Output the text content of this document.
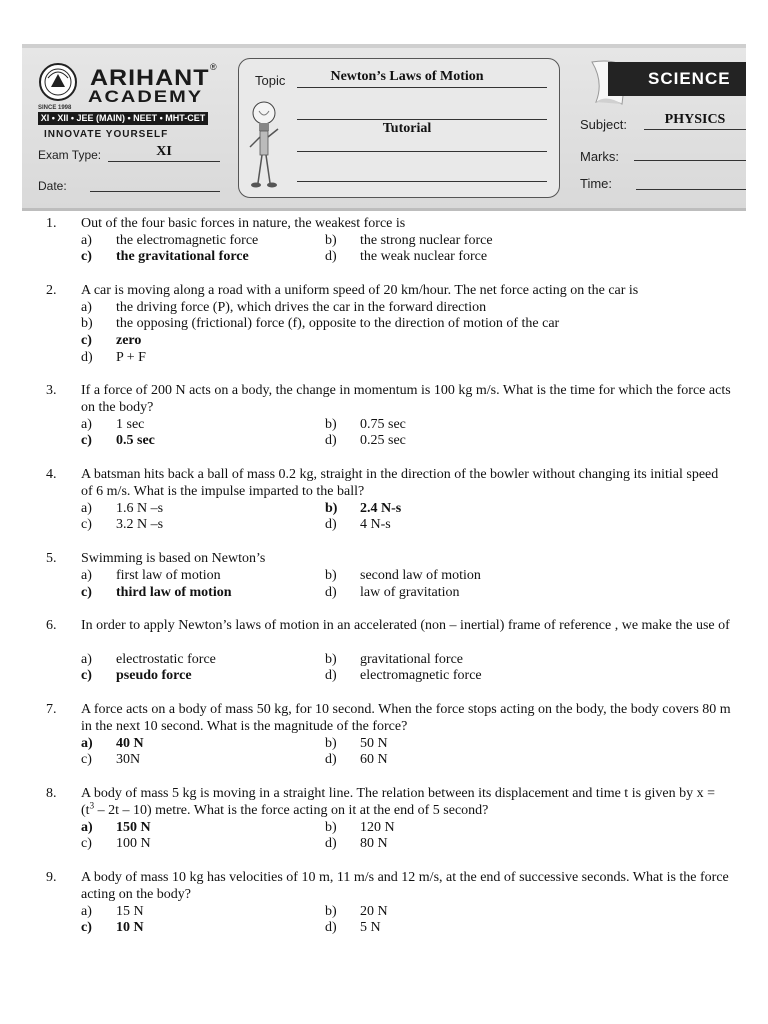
ARIHANT ®
ACADEMY
SINCE 1998
XI • XII • JEE (MAIN) • NEET • MHT-CET
INNOVATE YOURSELF
Exam Type:	XI
Date:
Topic	Newton’s Laws of Motion
Tutorial
SCIENCE
Subject:	PHYSICS
Marks:
Time:
1. Out of the four basic forces in nature, the weakest force is
a) the electromagnetic force	b) the strong nuclear force
c) the gravitational force	d) the weak nuclear force
2. A car is moving along a road with a uniform speed of 20 km/hour. The net force acting on the car is
a) the driving force (P), which drives the car in the forward direction
b) the opposing (frictional) force (f), opposite to the direction of motion of the car
c) zero
d) P + F
3. If a force of 200 N acts on a body, the change in momentum is 100 kg m/s. What is the time for which the force acts on the body?
a) 1 sec	b) 0.75 sec
c) 0.5 sec	d) 0.25 sec
4. A batsman hits back a ball of mass 0.2 kg, straight in the direction of the bowler without changing its initial speed of 6 m/s. What is the impulse imparted to the ball?
a) 1.6 N –s	b) 2.4 N-s
c) 3.2 N –s	d) 4 N-s
5. Swimming is based on Newton’s
a) first law of motion	b) second law of motion
c) third law of motion	d) law of gravitation
6. In order to apply Newton’s laws of motion in an accelerated (non – inertial) frame of reference , we make the use of
a) electrostatic force	b) gravitational force
c) pseudo force	d) electromagnetic force
7. A force acts on a body of mass 50 kg, for 10 second. When the force stops acting on the body, the body covers 80 m in the next 10 second. What is the magnitude of the force?
a) 40 N	b) 50 N
c) 30N	d) 60 N
8. A body of mass 5 kg is moving in a straight line. The relation between its displacement and time t is given by $x = (t^3 - 2t - 10)$ metre. What is the force acting on it at the end of 5 second?
a) 150 N	b) 120 N
c) 100 N	d) 80 N
9. A body of mass 10 kg has velocities of 10 m, 11 m/s and 12 m/s, at the end of successive seconds. What is the force acting on the body?
a) 15 N	b) 20 N
c) 10 N	d) 5 N
